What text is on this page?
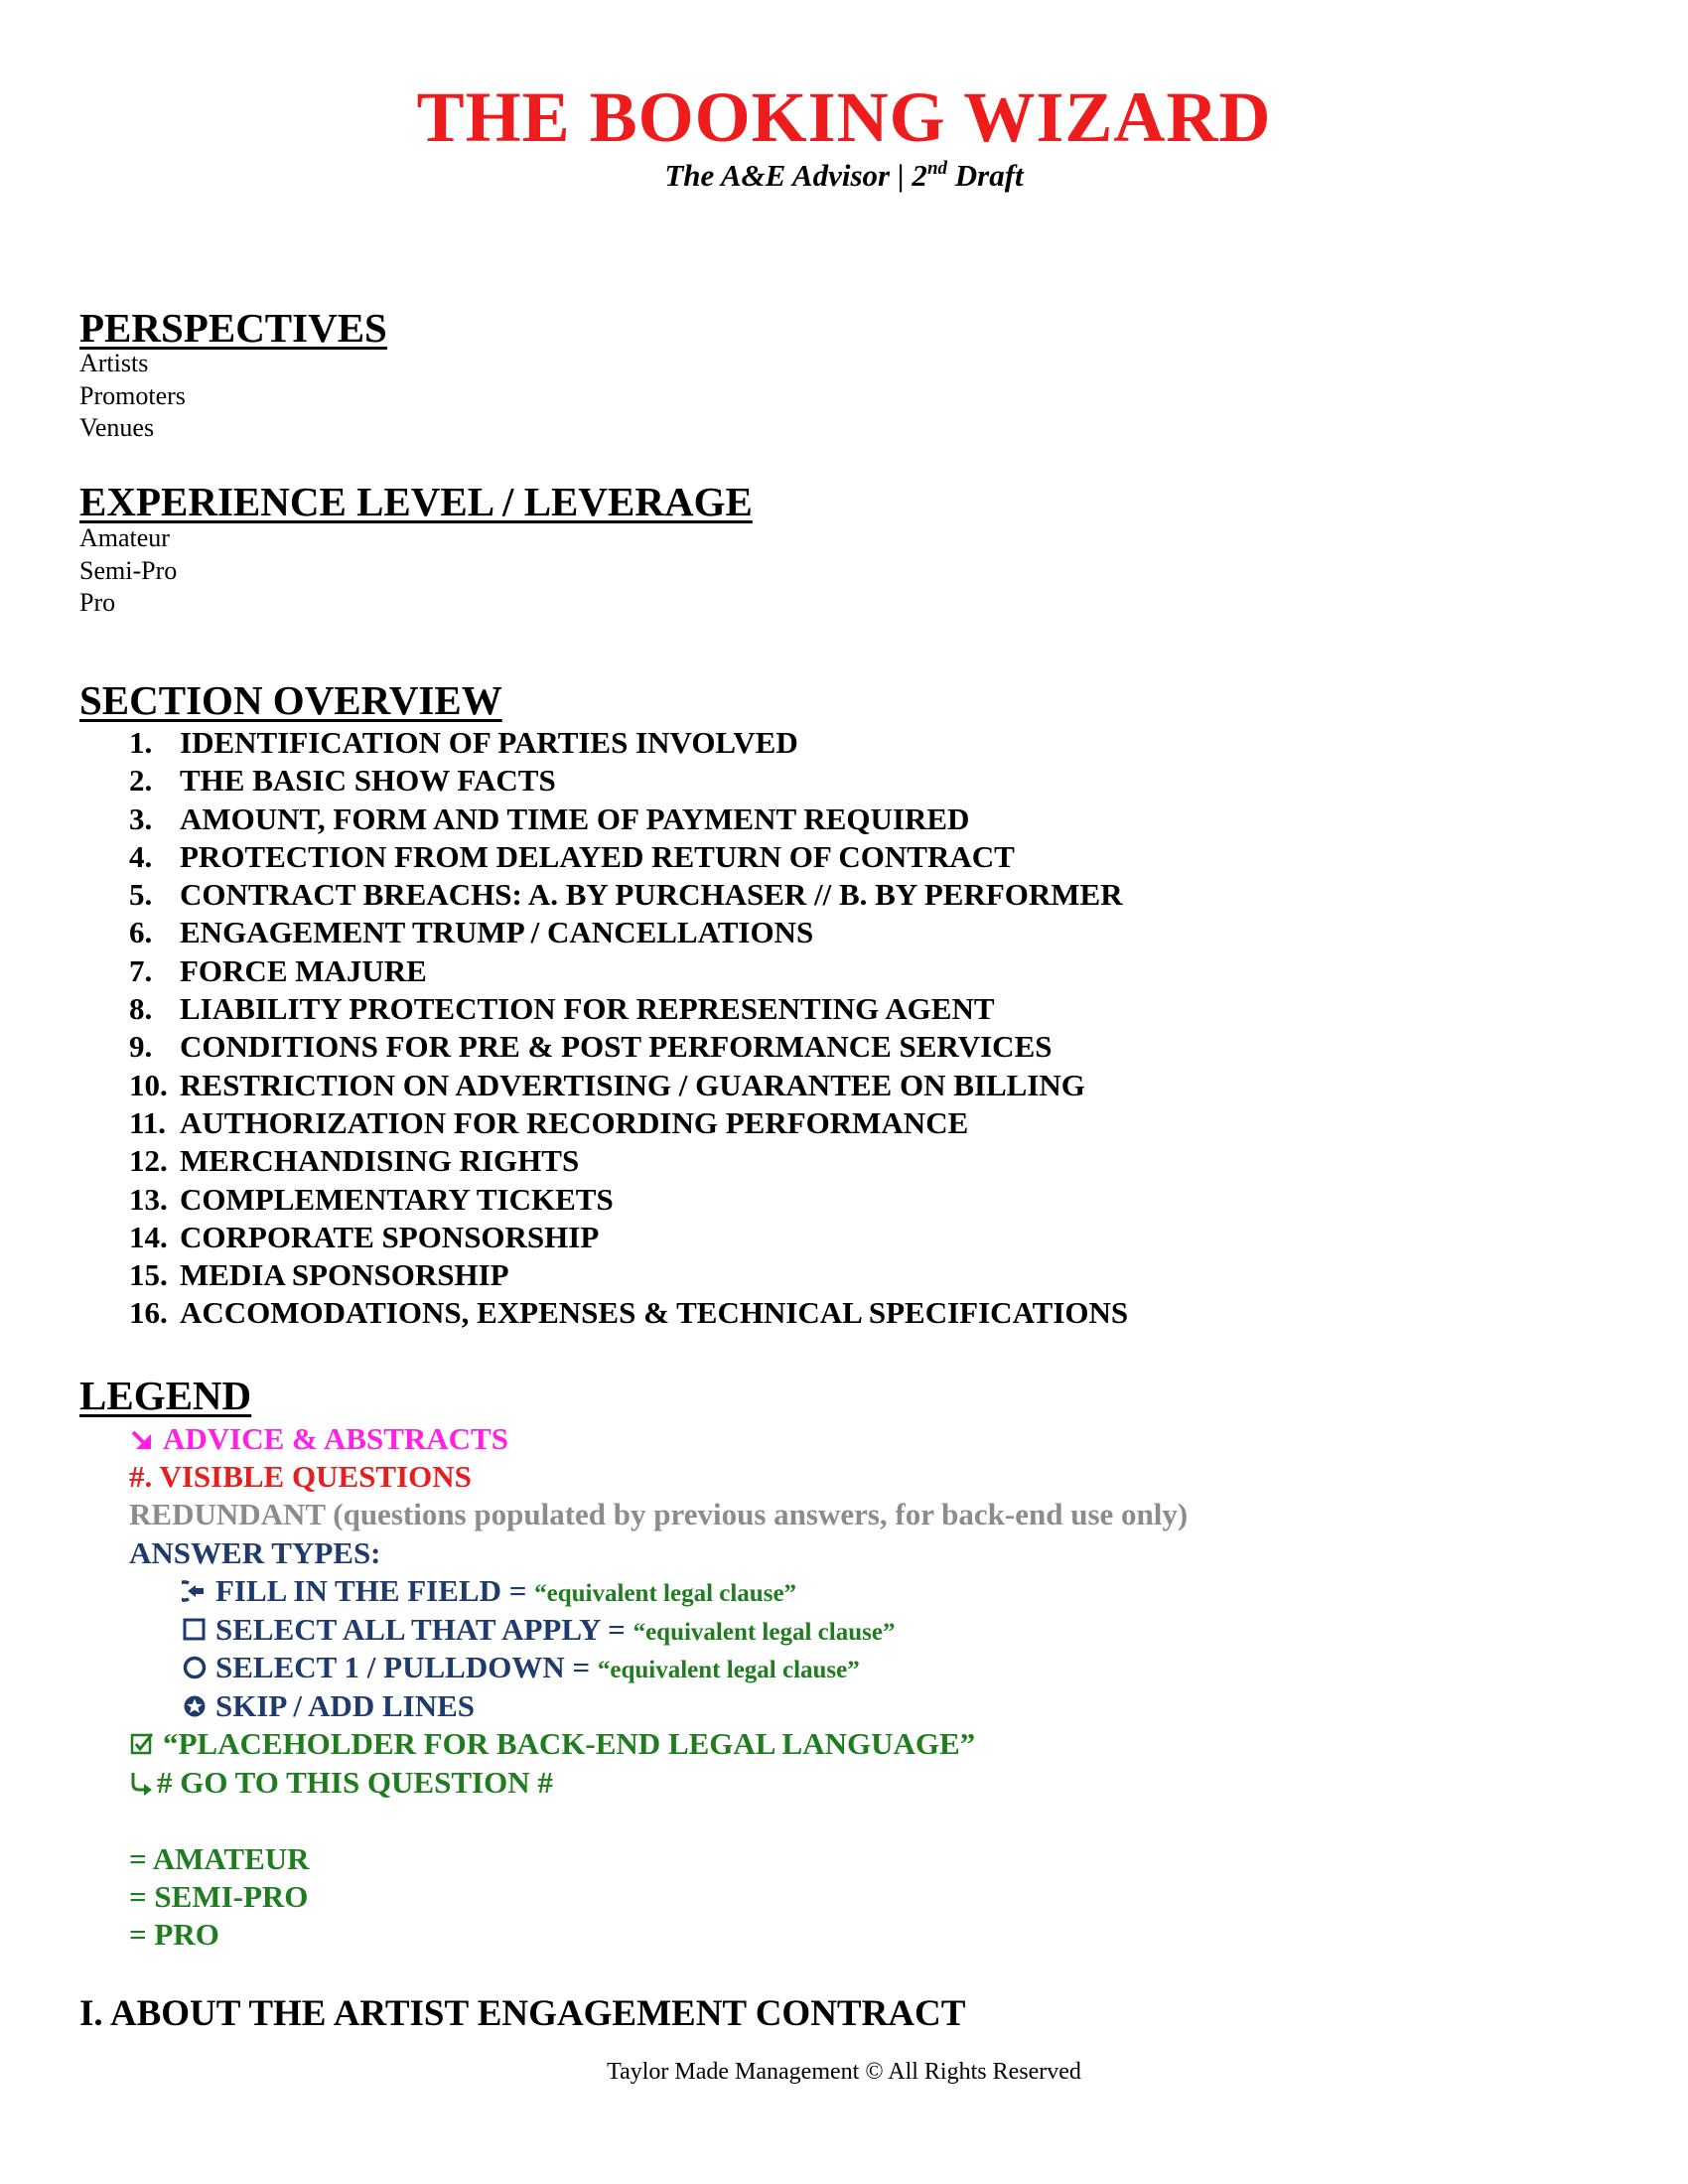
THE BOOKING WIZARD
The A&E Advisor | 2nd Draft
PERSPECTIVES
Artists
Promoters
Venues
EXPERIENCE LEVEL / LEVERAGE
Amateur
Semi-Pro
Pro
SECTION OVERVIEW
1. IDENTIFICATION OF PARTIES INVOLVED
2. THE BASIC SHOW FACTS
3. AMOUNT, FORM AND TIME OF PAYMENT REQUIRED
4. PROTECTION FROM DELAYED RETURN OF CONTRACT
5. CONTRACT BREACHS: A. BY PURCHASER // B. BY PERFORMER
6. ENGAGEMENT TRUMP / CANCELLATIONS
7. FORCE MAJURE
8. LIABILITY PROTECTION FOR REPRESENTING AGENT
9. CONDITIONS FOR PRE & POST PERFORMANCE SERVICES
10. RESTRICTION ON ADVERTISING / GUARANTEE ON BILLING
11. AUTHORIZATION FOR RECORDING PERFORMANCE
12. MERCHANDISING RIGHTS
13. COMPLEMENTARY TICKETS
14. CORPORATE SPONSORSHIP
15. MEDIA SPONSORSHIP
16. ACCOMODATIONS, EXPENSES & TECHNICAL SPECIFICATIONS
LEGEND
ADVICE & ABSTRACTS
#. VISIBLE QUESTIONS
REDUNDANT (questions populated by previous answers, for back-end use only)
ANSWER TYPES:
FILL IN THE FIELD = “equivalent legal clause”
SELECT ALL THAT APPLY = “equivalent legal clause”
SELECT 1 / PULLDOWN = “equivalent legal clause”
SKIP / ADD LINES
“PLACEHOLDER FOR BACK-END LEGAL LANGUAGE”
# GO TO THIS QUESTION #
= AMATEUR
= SEMI-PRO
= PRO
I. ABOUT THE ARTIST ENGAGEMENT CONTRACT
Taylor Made Management © All Rights Reserved
